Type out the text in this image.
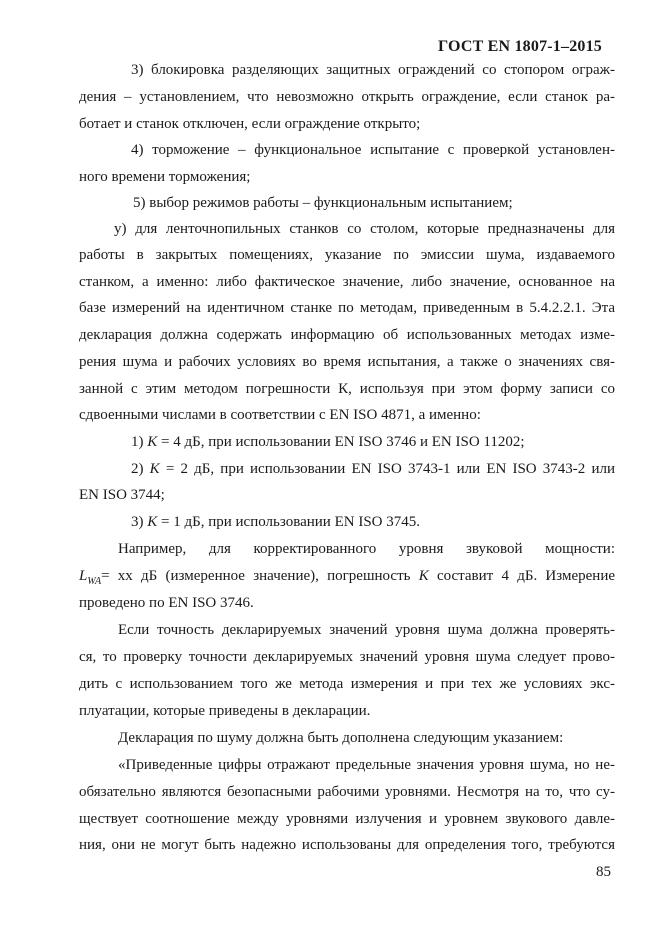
ГОСТ EN 1807-1–2015
3) блокировка разделяющих защитных ограждений со стопором ограж-
дения – установлением, что невозможно открыть ограждение, если станок ра-
ботает и станок отключен, если ограждение открыто;
4) торможение – функциональное испытание с проверкой установлен-
ного времени торможения;
5) выбор режимов работы – функциональным испытанием;
у) для ленточнопильных станков со столом, которые предназначены для
работы в закрытых помещениях, указание по эмиссии шума, издаваемого
станком, а именно: либо фактическое значение, либо значение, основанное на
базе измерений на идентичном станке по методам, приведенным в 5.4.2.2.1. Эта
декларация должна содержать информацию об использованных методах изме-
рения шума и рабочих условиях во время испытания, а также о значениях свя-
занной с этим методом погрешности К, используя при этом форму записи со
сдвоенными числами в соответствии с EN ISO 4871, а именно:
1) K = 4 дБ, при использовании EN ISO 3746 и EN ISO 11202;
2) K = 2 дБ, при использовании EN ISO 3743-1 или EN ISO 3743-2 или
EN ISO 3744;
3) K = 1 дБ, при использовании EN ISO 3745.
Например, для корректированного уровня звуковой мощности:
$L_{WA}=$ xx дБ (измеренное значение), погрешность K составит 4 дБ. Измерение
проведено по EN ISO 3746.
Если точность декларируемых значений уровня шума должна проверять-
ся, то проверку точности декларируемых значений уровня шума следует прово-
дить с использованием того же метода измерения и при тех же условиях экс-
плуатации, которые приведены в декларации.
Декларация по шуму должна быть дополнена следующим указанием:
«Приведенные цифры отражают предельные значения уровня шума, но не-
обязательно являются безопасными рабочими уровнями. Несмотря на то, что су-
ществует соотношение между уровнями излучения и уровнем звукового давле-
ния, они не могут быть надежно использованы для определения того, требуются
85
